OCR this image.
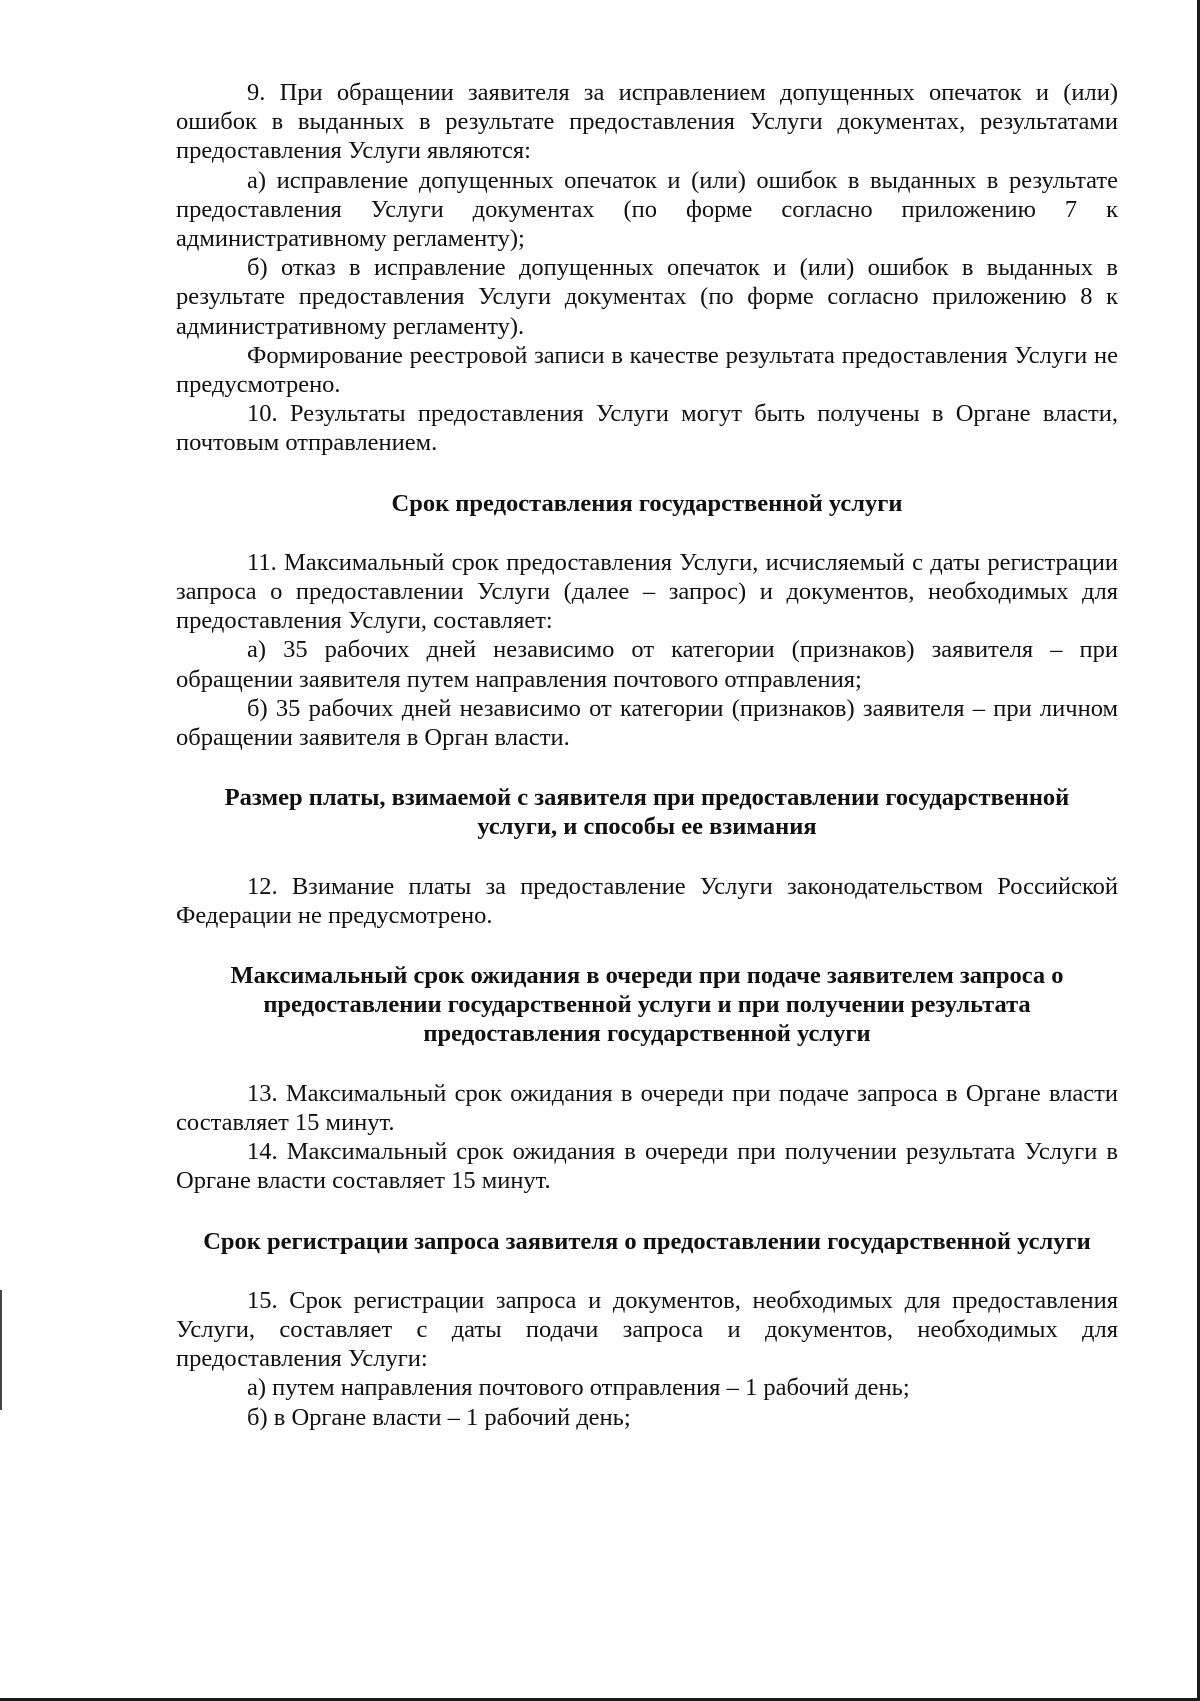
9. При обращении заявителя за исправлением допущенных опечаток и (или) ошибок в выданных в результате предоставления Услуги документах, результатами предоставления Услуги являются:

а) исправление допущенных опечаток и (или) ошибок в выданных в результате предоставления Услуги документах (по форме согласно приложению 7 к административному регламенту);

б) отказ в исправление допущенных опечаток и (или) ошибок в выданных в результате предоставления Услуги документах (по форме согласно приложению 8 к административному регламенту).

Формирование реестровой записи в качестве результата предоставления Услуги не предусмотрено.

10. Результаты предоставления Услуги могут быть получены в Органе власти, почтовым отправлением.

Срок предоставления государственной услуги

11. Максимальный срок предоставления Услуги, исчисляемый с даты регистрации запроса о предоставлении Услуги (далее – запрос) и документов, необходимых для предоставления Услуги, составляет:

а) 35 рабочих дней независимо от категории (признаков) заявителя – при обращении заявителя путем направления почтового отправления;

б) 35 рабочих дней независимо от категории (признаков) заявителя – при личном обращении заявителя в Орган власти.

Размер платы, взимаемой с заявителя при предоставлении государственной услуги, и способы ее взимания

12. Взимание платы за предоставление Услуги законодательством Российской Федерации не предусмотрено.

Максимальный срок ожидания в очереди при подаче заявителем запроса о предоставлении государственной услуги и при получении результата предоставления государственной услуги

13. Максимальный срок ожидания в очереди при подаче запроса в Органе власти составляет 15 минут.

14. Максимальный срок ожидания в очереди при получении результата Услуги в Органе власти составляет 15 минут.

Срок регистрации запроса заявителя о предоставлении государственной услуги

15. Срок регистрации запроса и документов, необходимых для предоставления Услуги, составляет с даты подачи запроса и документов, необходимых для предоставления Услуги:

а) путем направления почтового отправления – 1 рабочий день;

б) в Органе власти – 1 рабочий день;
